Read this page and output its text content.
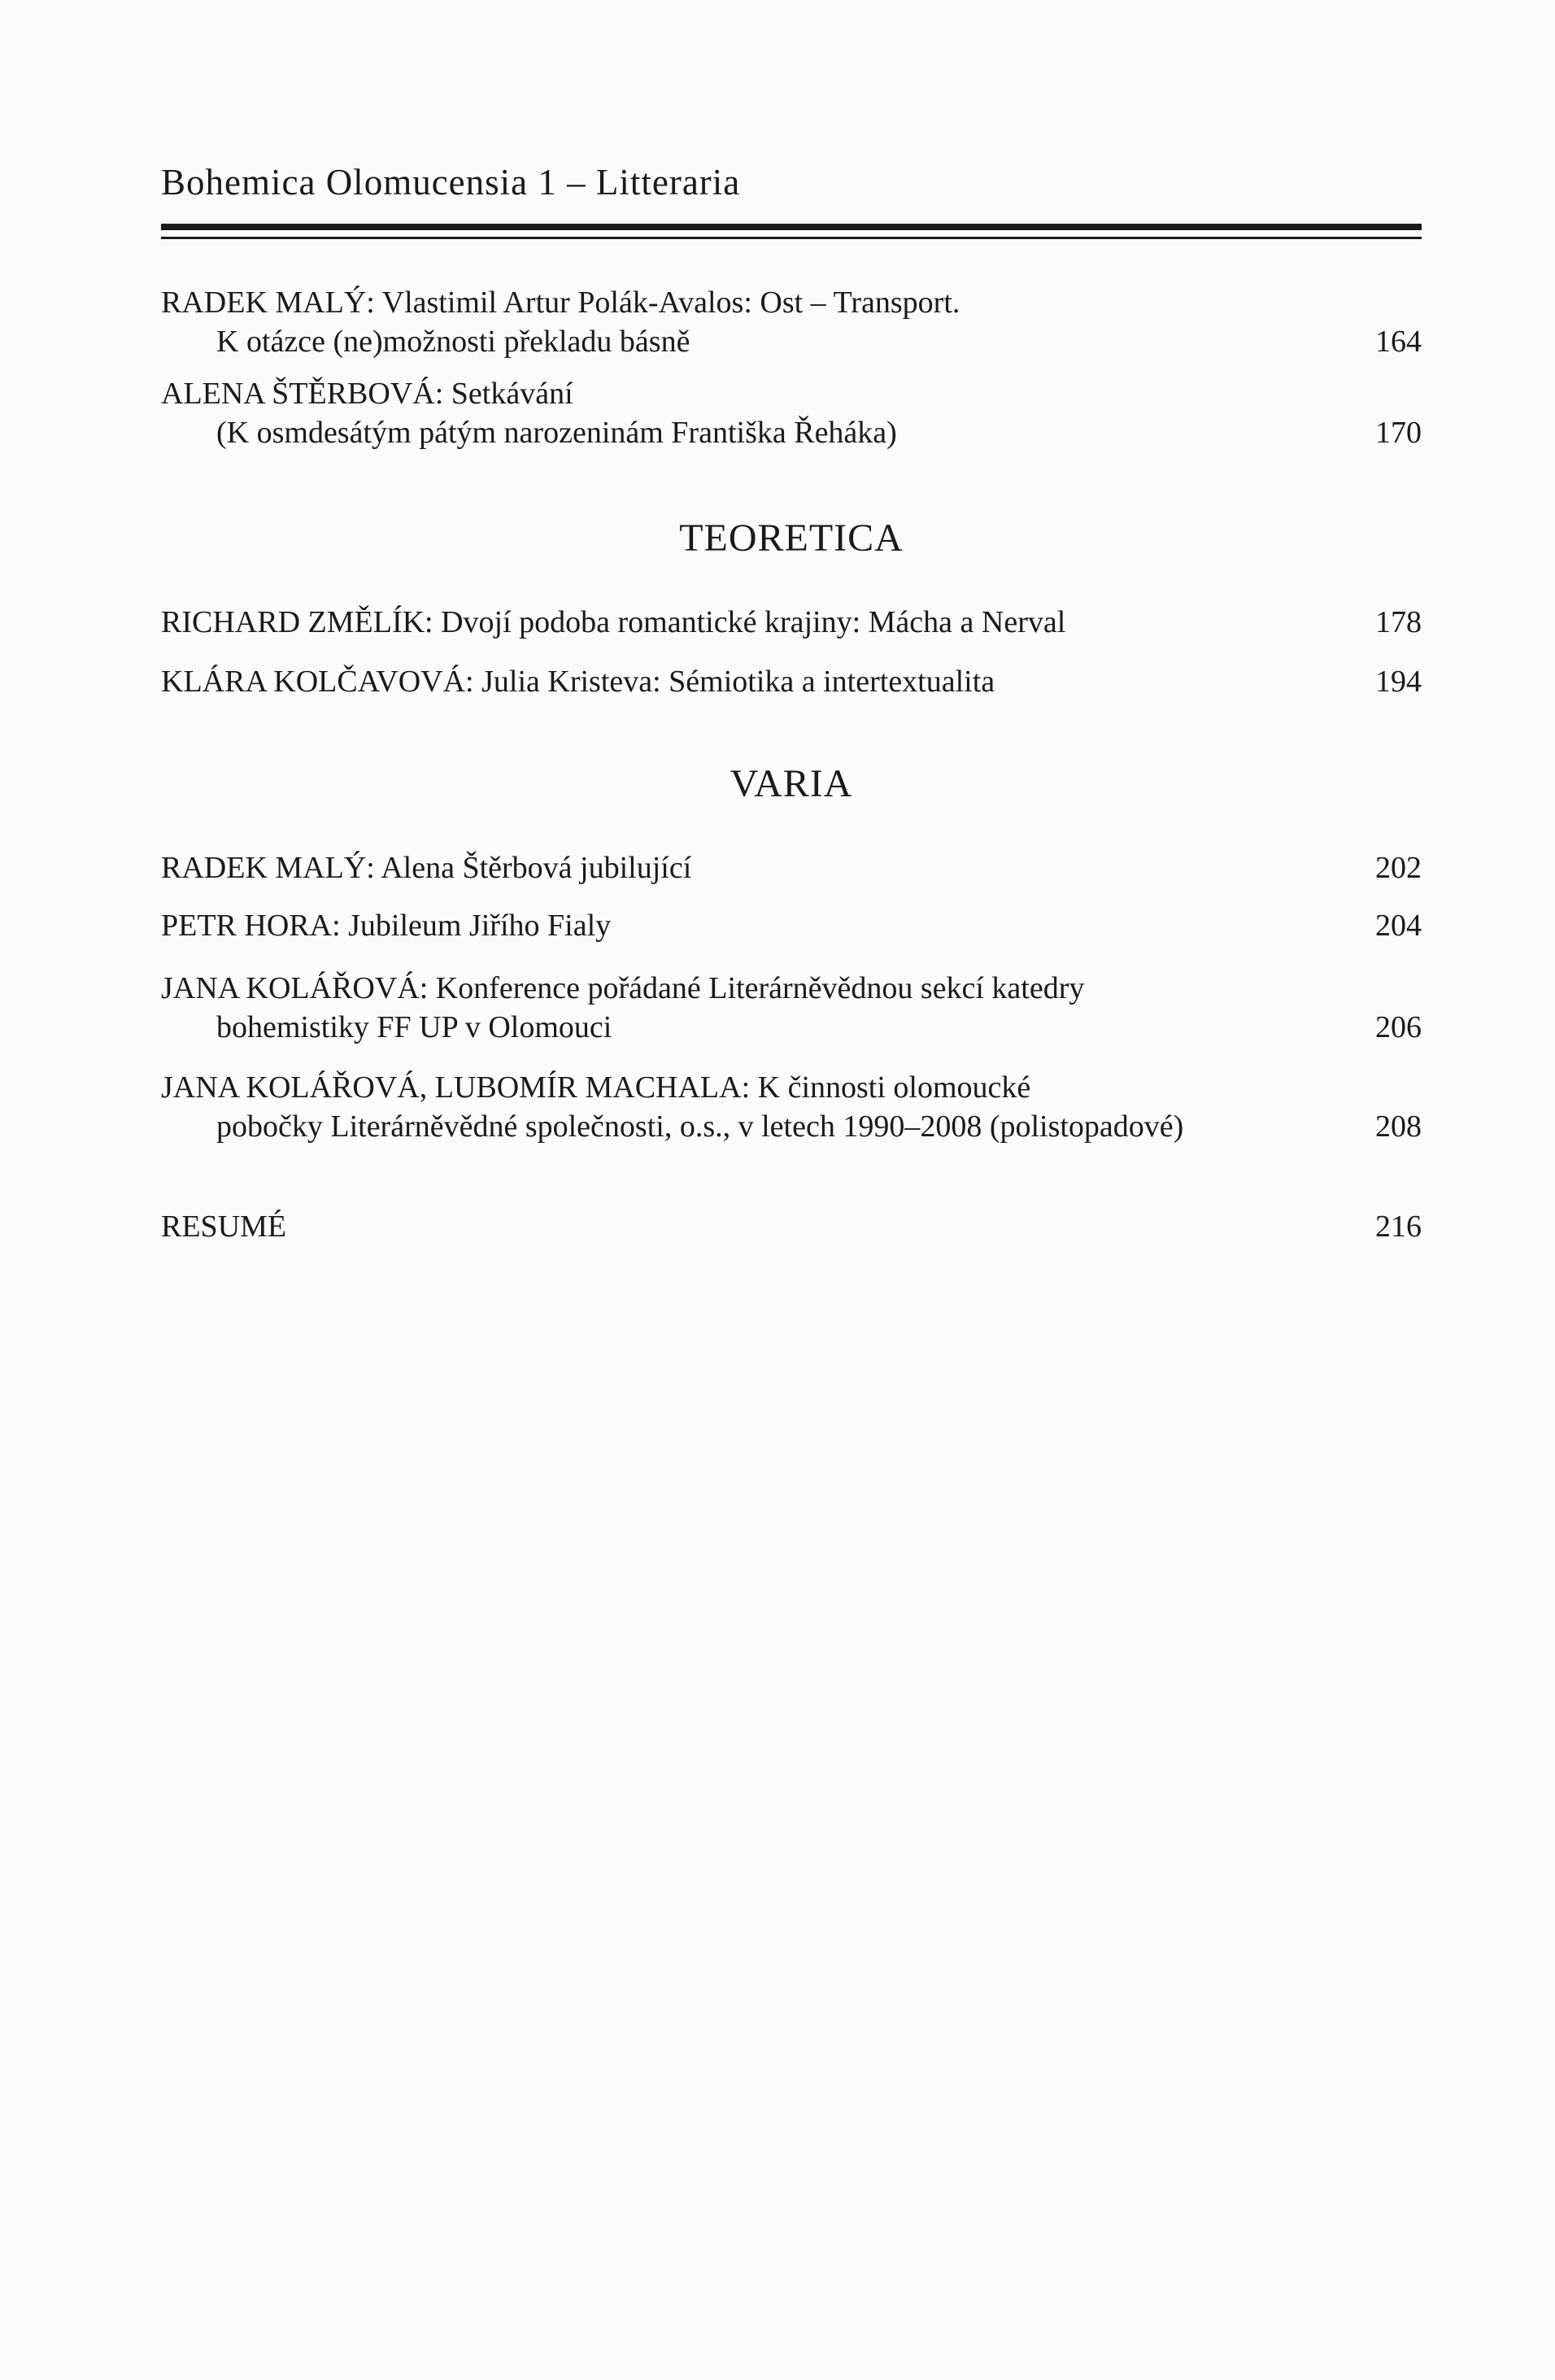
Bohemica Olomucensia 1 – Litteraria
RADEK MALÝ: Vlastimil Artur Polák-Avalos: Ost – Transport.
K otázce (ne)možnosti překladu básně	164
ALENA ŠTĚRBOVÁ: Setkávání
(K osmdesátým pátým narozeninám Františka Řeháka)	170
TEORETICA
RICHARD ZMĚLÍK: Dvojí podoba romantické krajiny: Mácha a Nerval	178
KLÁRA KOLČAVOVÁ: Julia Kristeva: Sémiotika a intertextualita	194
VARIA
RADEK MALÝ: Alena Štěrbová jubilující	202
PETR HORA: Jubileum Jiřího Fialy	204
JANA KOLÁŘOVÁ: Konference pořádané Literárněvědnou sekcí katedry
bohemistiky FF UP v Olomouci	206
JANA KOLÁŘOVÁ, LUBOMÍR MACHALA: K činnosti olomoucké
pobočky Literárněvědné společnosti, o.s., v letech 1990–2008 (polistopadové)	208
RESUMÉ	216
